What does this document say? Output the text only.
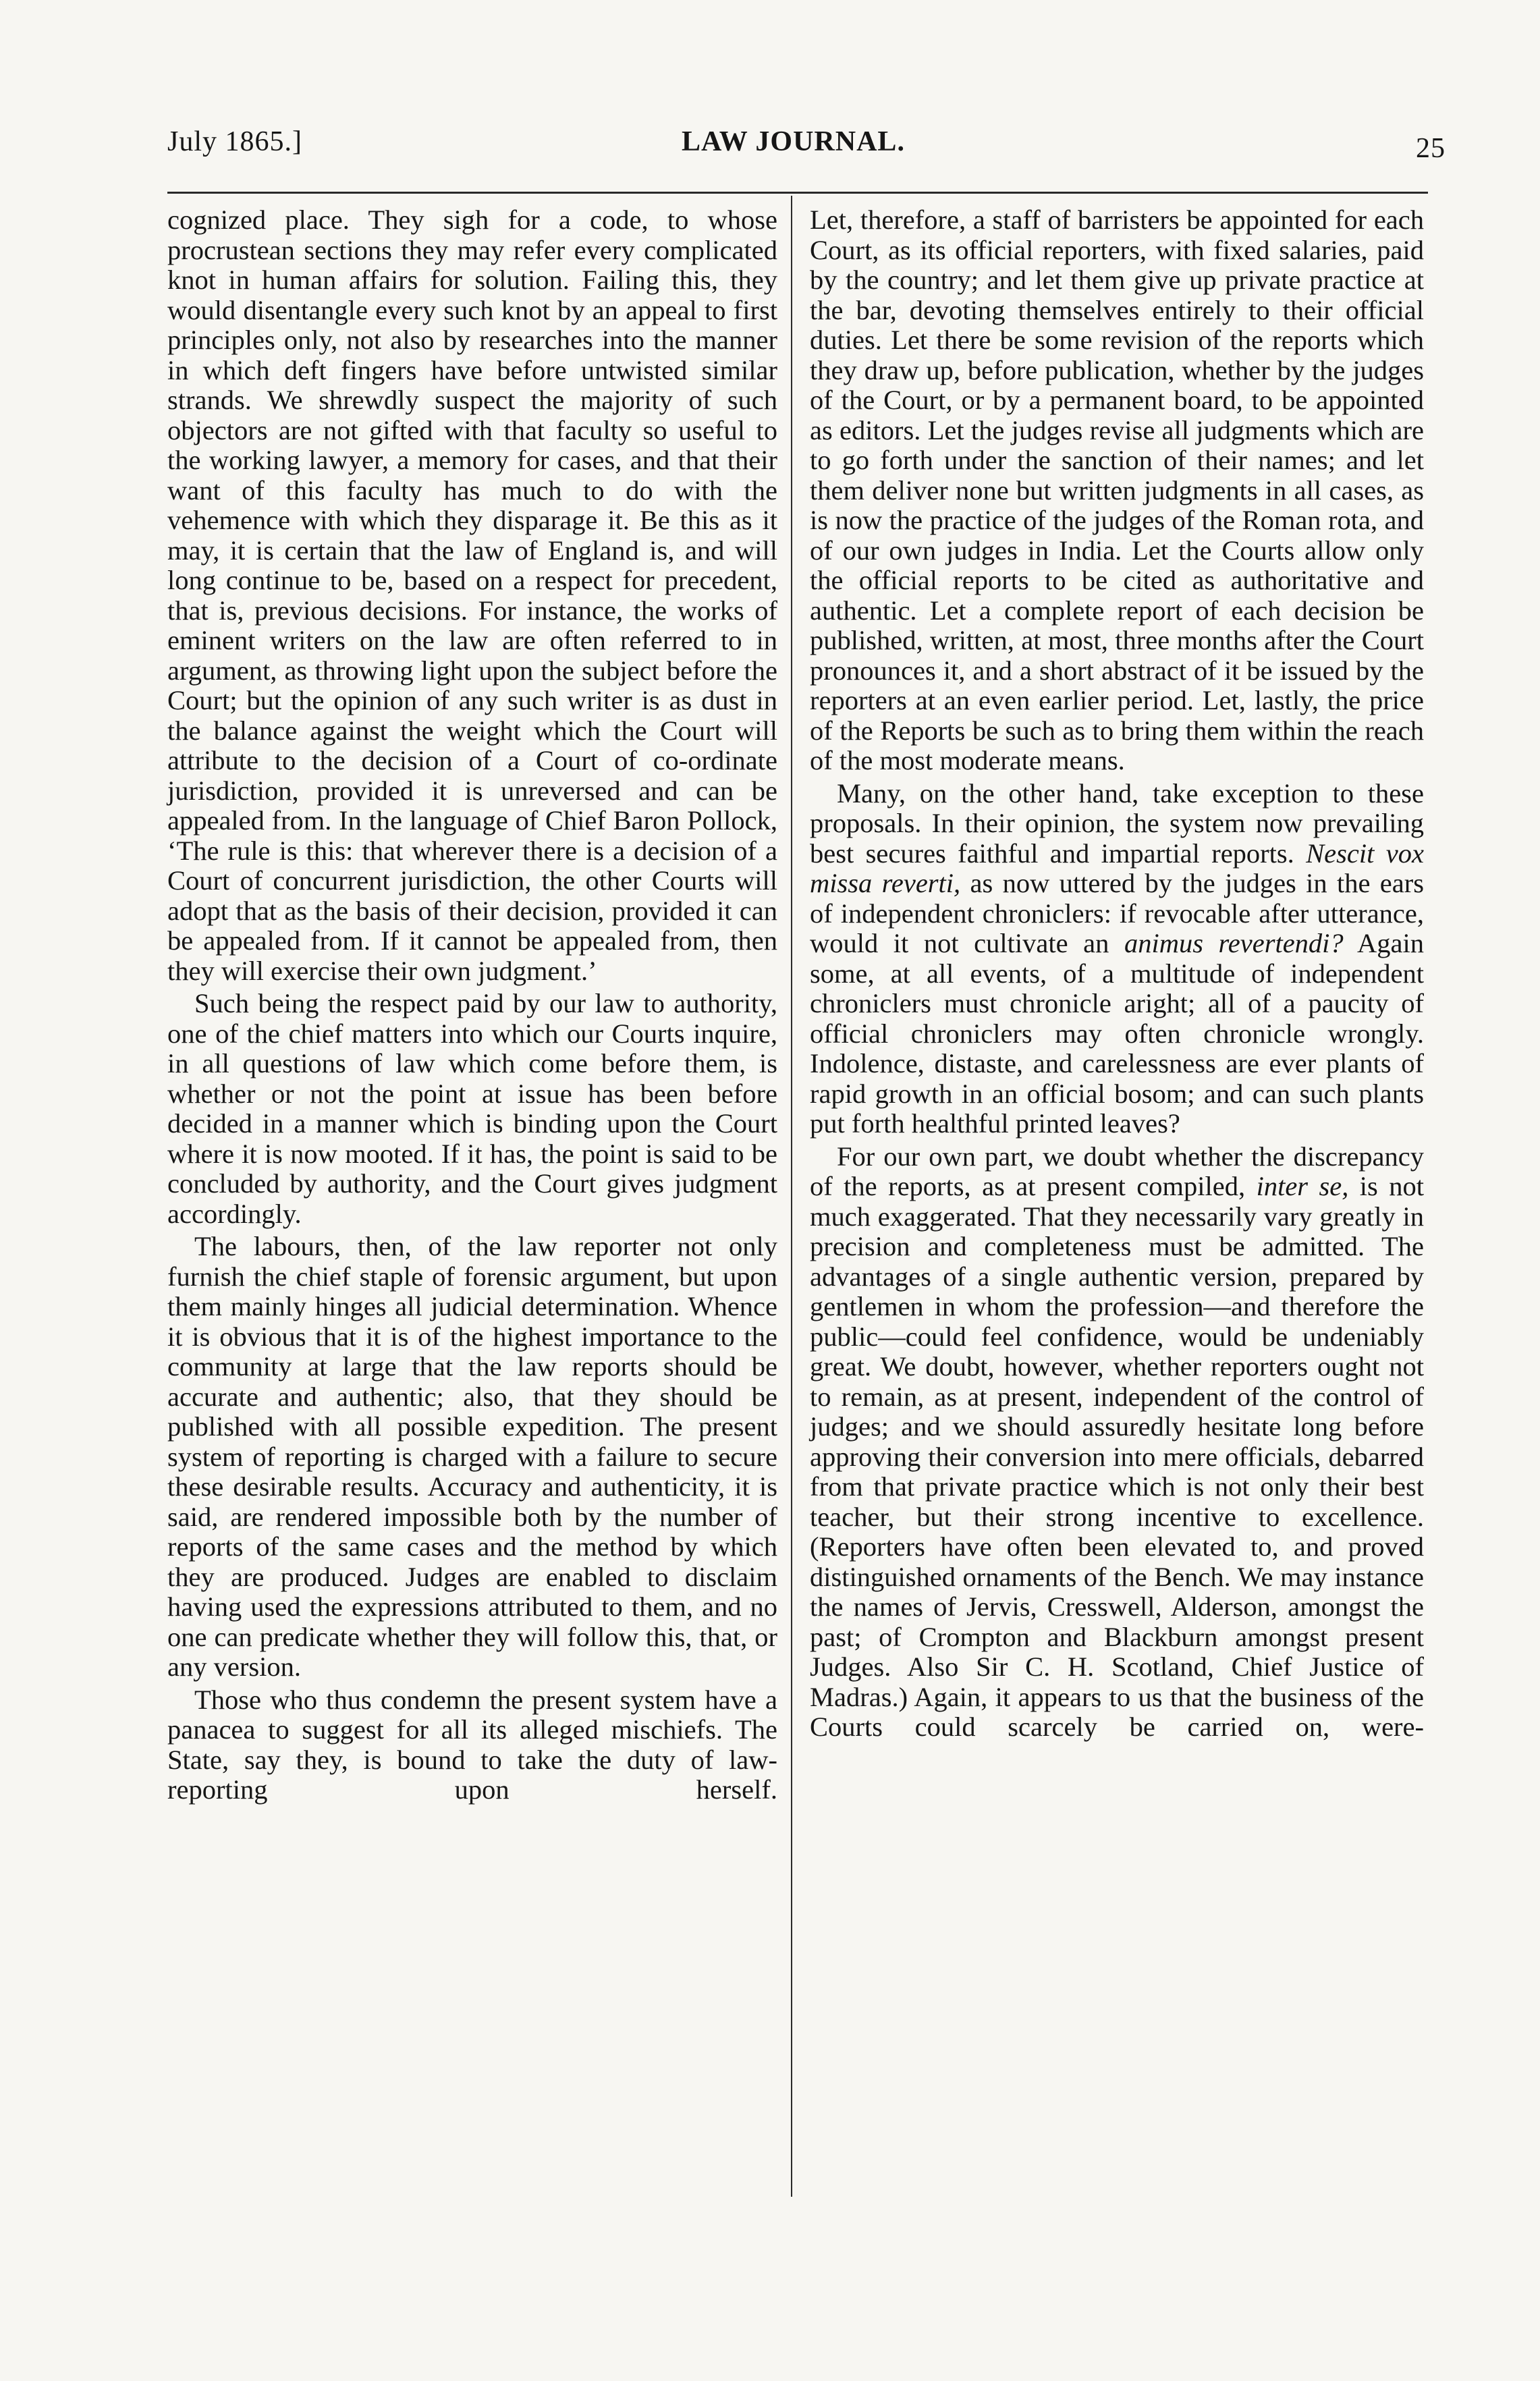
July 1865.]	LAW JOURNAL.	25

cognized place. They sigh for a code, to whose procrustean sections they may refer every complicated knot in human affairs for solution. Failing this, they would disentangle every such knot by an appeal to first principles only, not also by researches into the manner in which deft fingers have before untwisted similar strands. We shrewdly suspect the majority of such objectors are not gifted with that faculty so useful to the working lawyer, a memory for cases, and that their want of this faculty has much to do with the vehemence with which they disparage it. Be this as it may, it is certain that the law of England is, and will long continue to be, based on a respect for precedent, that is, previous decisions. For instance, the works of eminent writers on the law are often referred to in argument, as throwing light upon the subject before the Court; but the opinion of any such writer is as dust in the balance against the weight which the Court will attribute to the decision of a Court of co-ordinate jurisdiction, provided it is unreversed and can be appealed from. In the language of Chief Baron Pollock, ‘The rule is this: that wherever there is a decision of a Court of concurrent jurisdiction, the other Courts will adopt that as the basis of their decision, provided it can be appealed from. If it cannot be appealed from, then they will exercise their own judgment.’

Such being the respect paid by our law to authority, one of the chief matters into which our Courts inquire, in all questions of law which come before them, is whether or not the point at issue has been before decided in a manner which is binding upon the Court where it is now mooted. If it has, the point is said to be concluded by authority, and the Court gives judgment accordingly.

The labours, then, of the law reporter not only furnish the chief staple of forensic argument, but upon them mainly hinges all judicial determination. Whence it is obvious that it is of the highest importance to the community at large that the law reports should be accurate and authentic; also, that they should be published with all possible expedition. The present system of reporting is charged with a failure to secure these desirable results. Accuracy and authenticity, it is said, are rendered impossible both by the number of reports of the same cases and the method by which they are produced. Judges are enabled to disclaim having used the expressions attributed to them, and no one can predicate whether they will follow this, that, or any version.

Those who thus condemn the present system have a panacea to suggest for all its alleged mischiefs. The State, say they, is bound to take the duty of law-reporting upon herself.

Let, therefore, a staff of barristers be appointed for each Court, as its official reporters, with fixed salaries, paid by the country; and let them give up private practice at the bar, devoting themselves entirely to their official duties. Let there be some revision of the reports which they draw up, before publication, whether by the judges of the Court, or by a permanent board, to be appointed as editors. Let the judges revise all judgments which are to go forth under the sanction of their names; and let them deliver none but written judgments in all cases, as is now the practice of the judges of the Roman rota, and of our own judges in India. Let the Courts allow only the official reports to be cited as authoritative and authentic. Let a complete report of each decision be published, written, at most, three months after the Court pronounces it, and a short abstract of it be issued by the reporters at an even earlier period. Let, lastly, the price of the Reports be such as to bring them within the reach of the most moderate means.

Many, on the other hand, take exception to these proposals. In their opinion, the system now prevailing best secures faithful and impartial reports. Nescit vox missa reverti, as now uttered by the judges in the ears of independent chroniclers: if revocable after utterance, would it not cultivate an animus revertendi? Again some, at all events, of a multitude of independent chroniclers must chronicle aright; all of a paucity of official chroniclers may often chronicle wrongly. Indolence, distaste, and carelessness are ever plants of rapid growth in an official bosom; and can such plants put forth healthful printed leaves?

For our own part, we doubt whether the discrepancy of the reports, as at present compiled, inter se, is not much exaggerated. That they necessarily vary greatly in precision and completeness must be admitted. The advantages of a single authentic version, prepared by gentlemen in whom the profession—and therefore the public—could feel confidence, would be undeniably great. We doubt, however, whether reporters ought not to remain, as at present, independent of the control of judges; and we should assuredly hesitate long before approving their conversion into mere officials, debarred from that private practice which is not only their best teacher, but their strong incentive to excellence. (Reporters have often been elevated to, and proved distinguished ornaments of the Bench. We may instance the names of Jervis, Cresswell, Alderson, amongst the past; of Crompton and Blackburn amongst present Judges. Also Sir C. H. Scotland, Chief Justice of Madras.) Again, it appears to us that the business of the Courts could scarcely be carried on, were-
